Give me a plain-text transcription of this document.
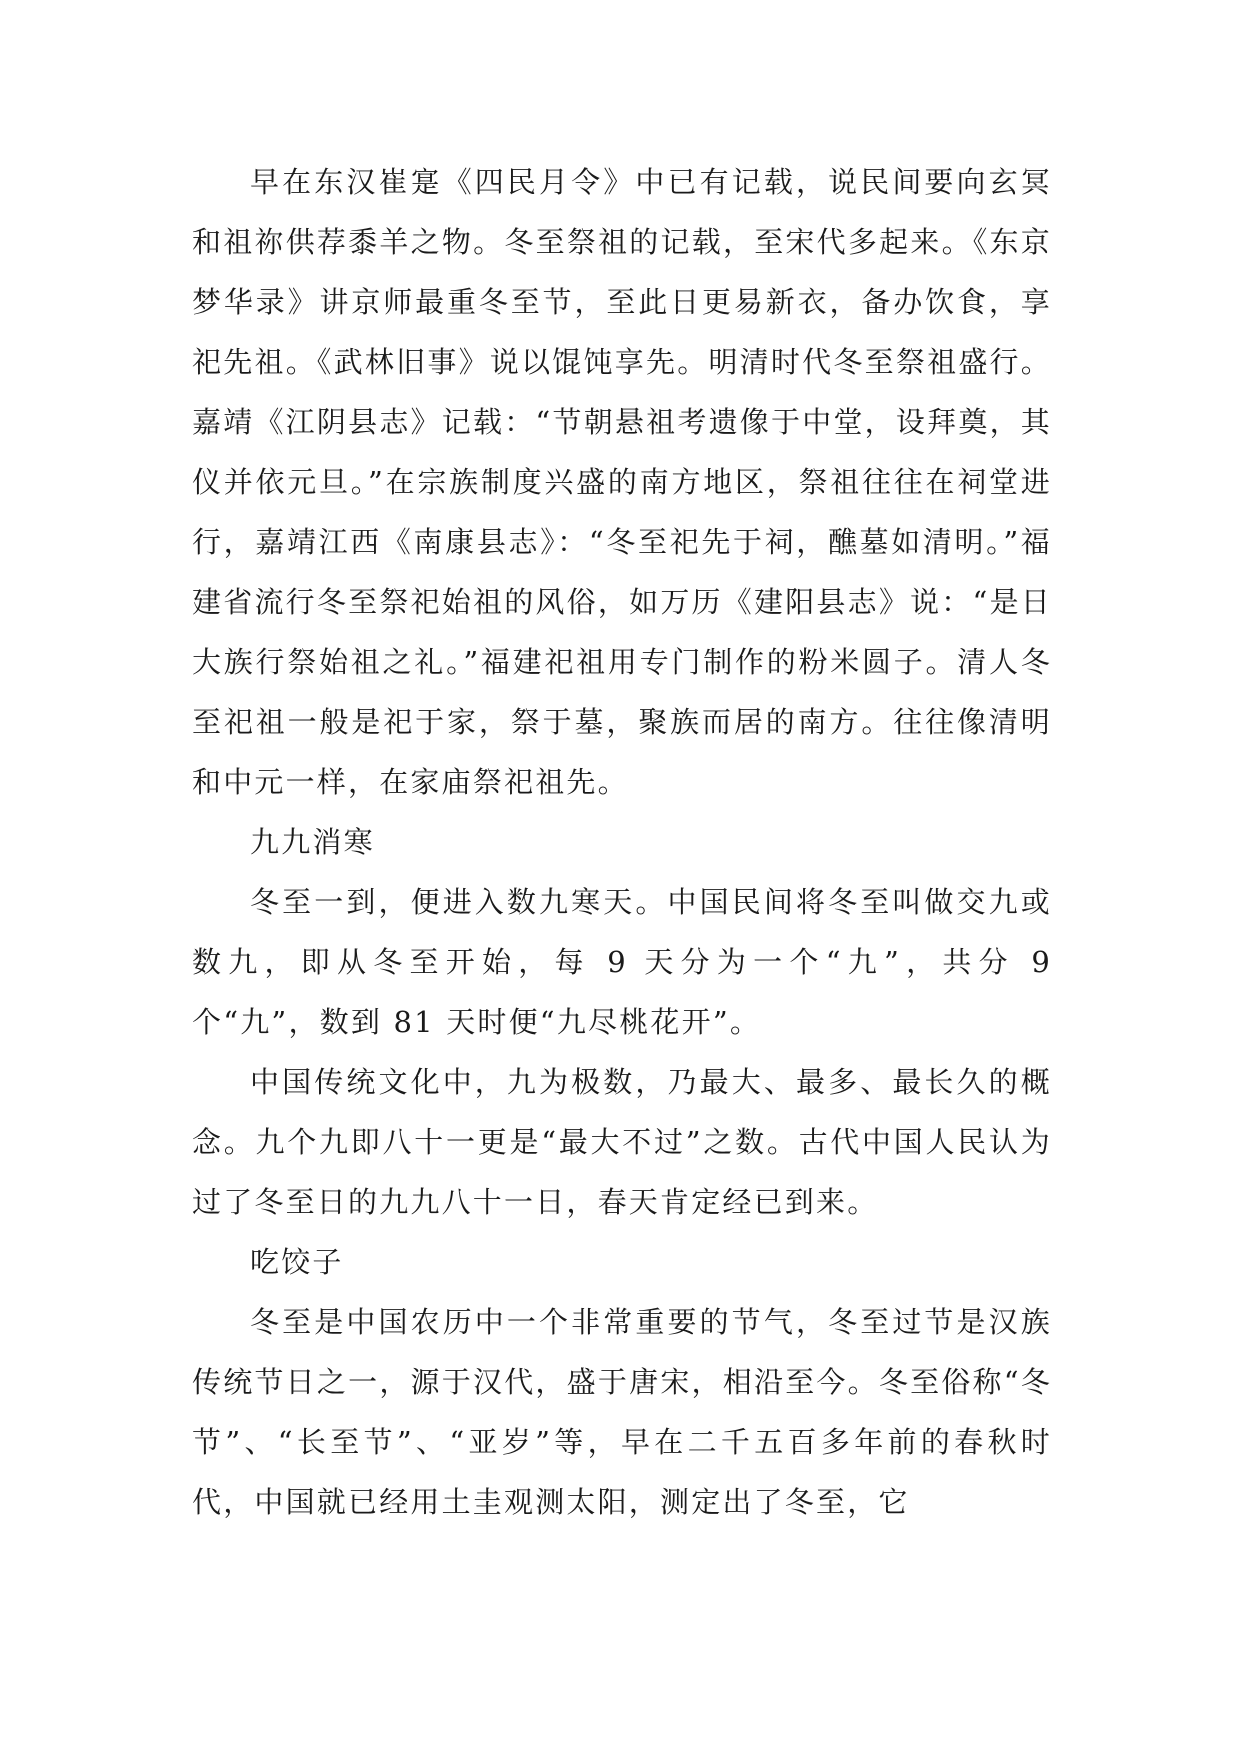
早在东汉崔寔《四民月令》中已有记载，说民间要向玄冥和祖祢供荐黍羊之物。冬至祭祖的记载，至宋代多起来。《东京梦华录》讲京师最重冬至节，至此日更易新衣，备办饮食，享祀先祖。《武林旧事》说以馄饨享先。明清时代冬至祭祖盛行。嘉靖《江阴县志》记载：“节朝悬祖考遗像于中堂，设拜奠，其仪并依元旦。”在宗族制度兴盛的南方地区，祭祖往往在祠堂进行，嘉靖江西《南康县志》：“冬至祀先于祠，醮墓如清明。”福建省流行冬至祭祀始祖的风俗，如万历《建阳县志》说：“是日大族行祭始祖之礼。”福建祀祖用专门制作的粉米圆子。清人冬至祀祖一般是祀于家，祭于墓，聚族而居的南方。往往像清明和中元一样，在家庙祭祀祖先。

九九消寒

冬至一到，便进入数九寒天。中国民间将冬至叫做交九或数九，即从冬至开始，每 9 天分为一个“九”，共分 9 个“九”，数到 81 天时便“九尽桃花开”。

中国传统文化中，九为极数，乃最大、最多、最长久的概念。九个九即八十一更是“最大不过”之数。古代中国人民认为过了冬至日的九九八十一日，春天肯定经已到来。

吃饺子

冬至是中国农历中一个非常重要的节气，冬至过节是汉族传统节日之一，源于汉代，盛于唐宋，相沿至今。冬至俗称“冬节”、“长至节”、“亚岁”等，早在二千五百多年前的春秋时代，中国就已经用土圭观测太阳，测定出了冬至，它
